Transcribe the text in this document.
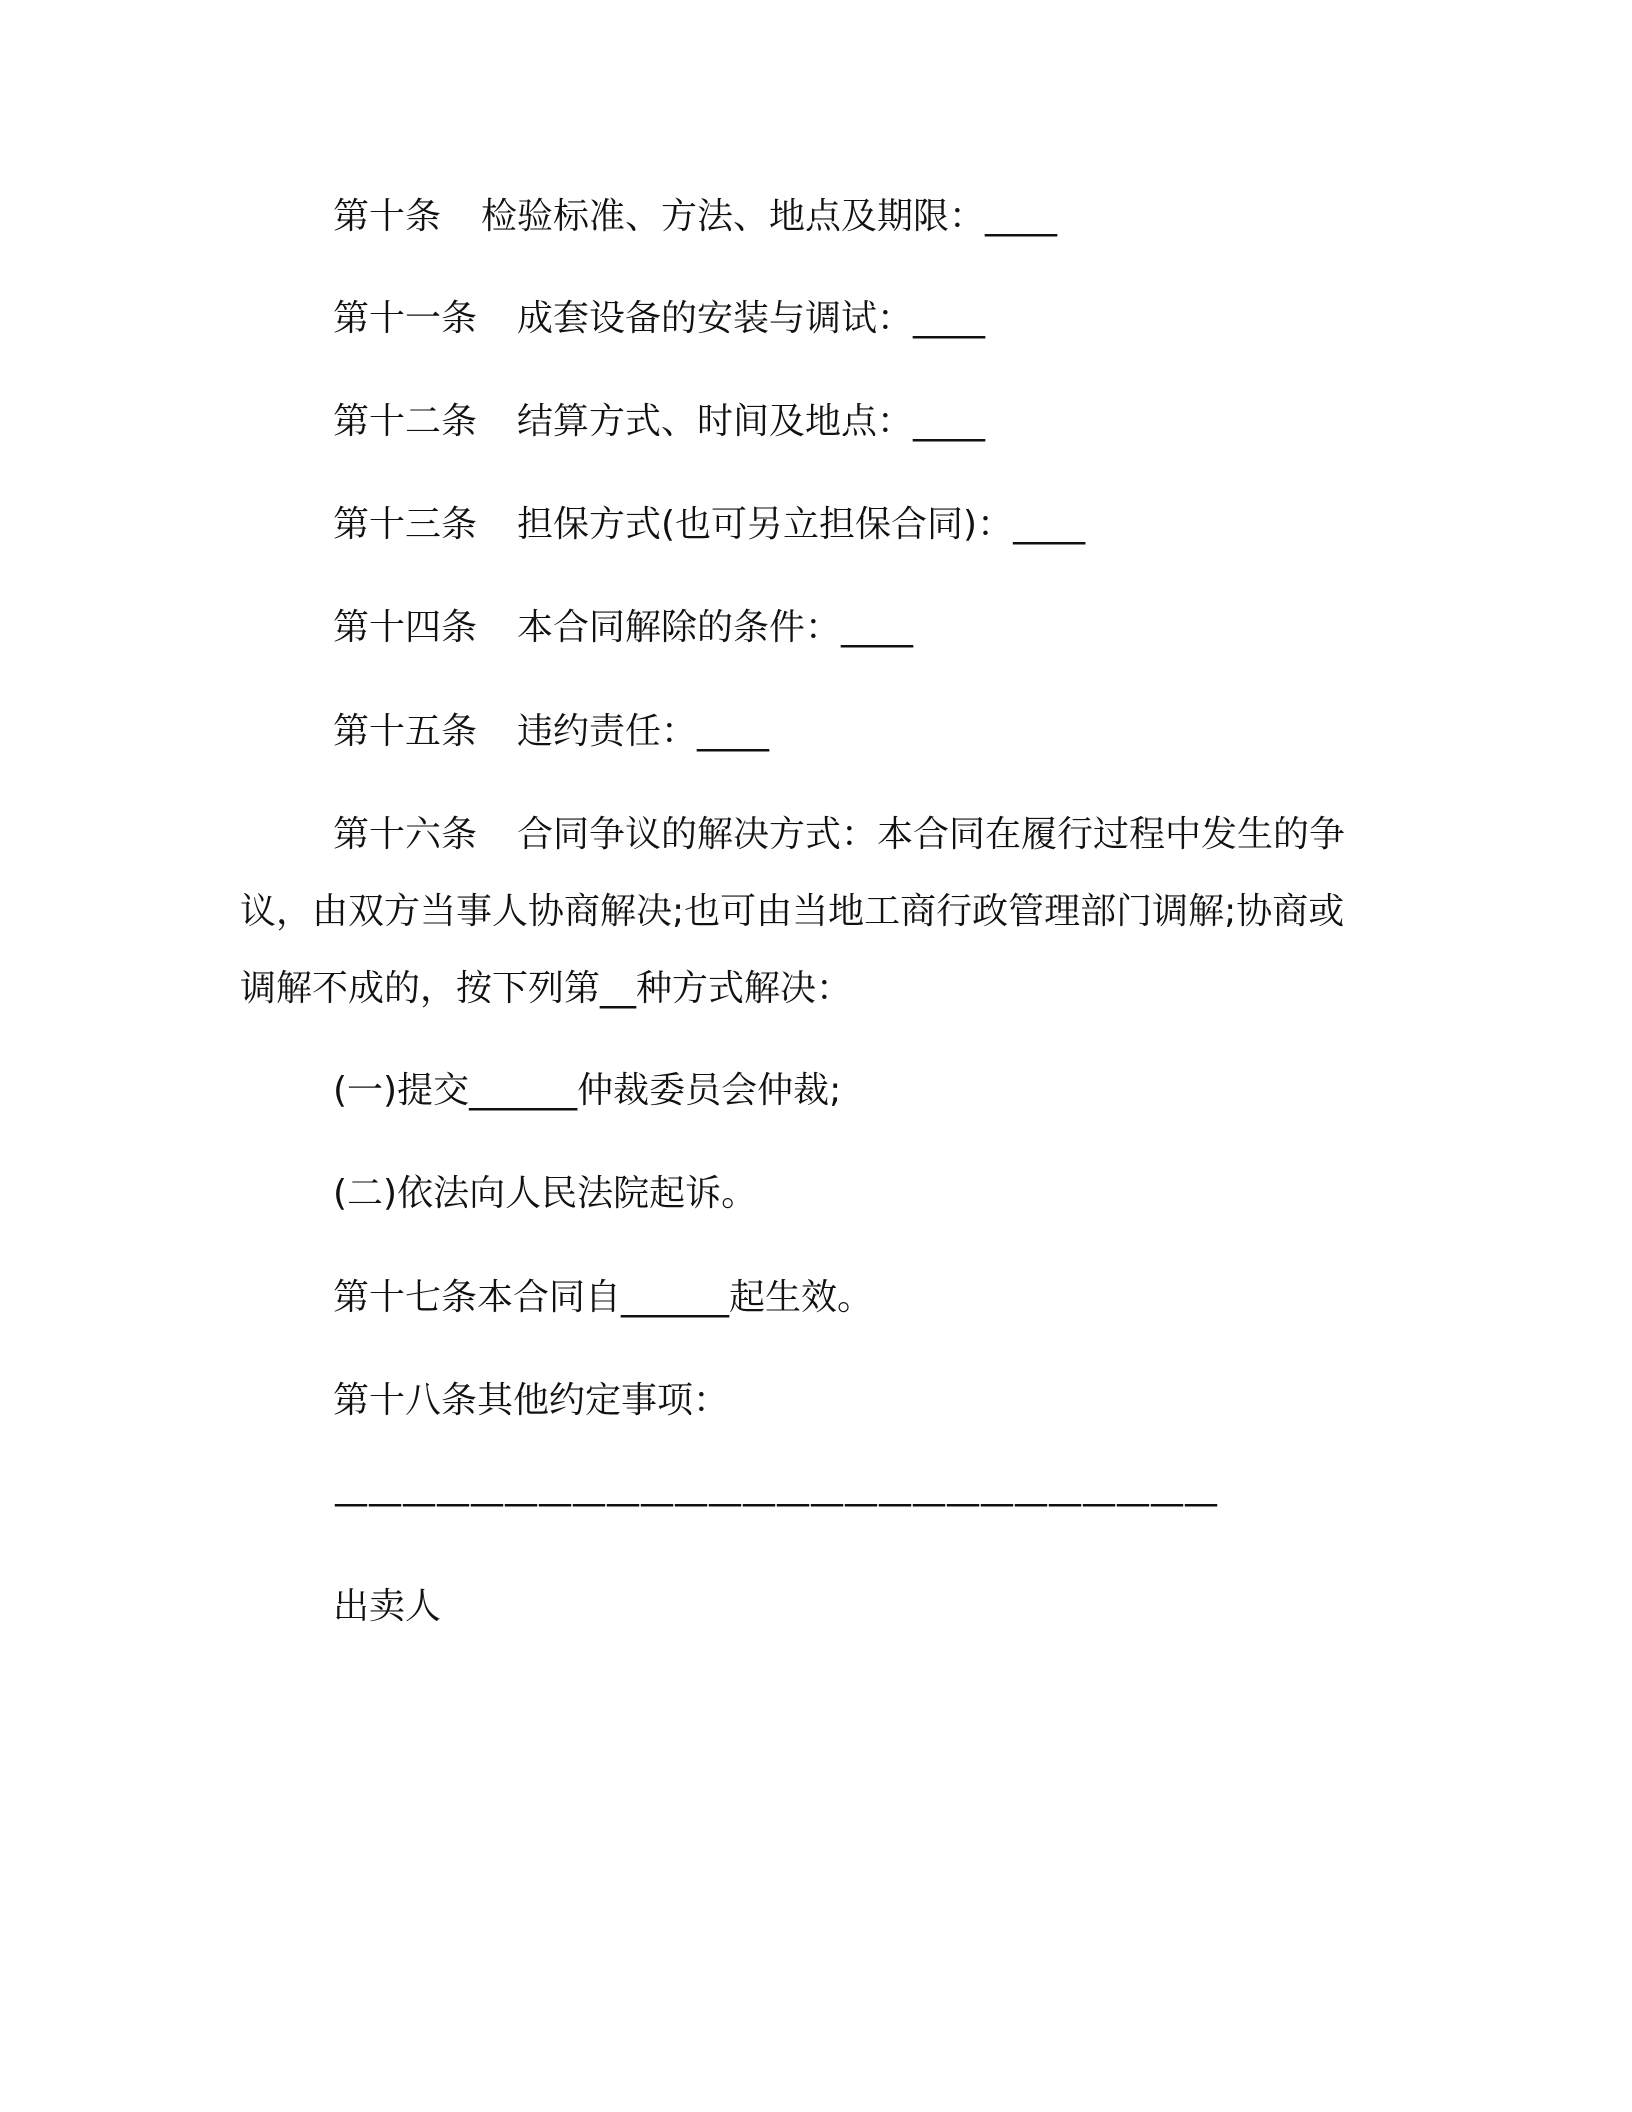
第十条 检验标准、方法、地点及期限：____
第十一条 成套设备的安装与调试：____
第十二条 结算方式、时间及地点：____
第十三条 担保方式(也可另立担保合同)：____
第十四条 本合同解除的条件：____
第十五条 违约责任：____
第十六条 合同争议的解决方式：本合同在履行过程中发生的争
议，由双方当事人协商解决;也可由当地工商行政管理部门调解;协商或
调解不成的，按下列第__种方式解决：
(一)提交______仲裁委员会仲裁;
(二)依法向人民法院起诉。
第十七条本合同自______起生效。
第十八条其他约定事项：
——————————————————————————
出卖人
